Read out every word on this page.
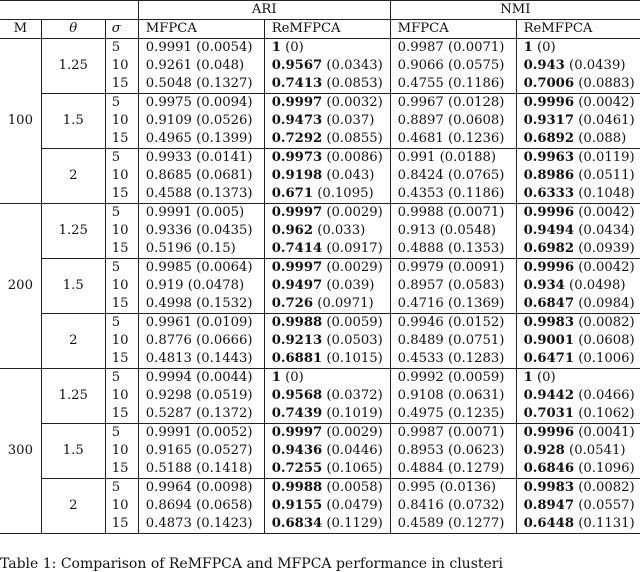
			ARI		NMI	
M	θ	σ	MFPCA	ReMFPCA	MFPCA	ReMFPCA
100	1.25	5	0.9991 (0.0054)	1 (0)	0.9987 (0.0071)	1 (0)
		10	0.9261 (0.048)	0.9567 (0.0343)	0.9066 (0.0575)	0.943 (0.0439)
		15	0.5048 (0.1327)	0.7413 (0.0853)	0.4755 (0.1186)	0.7006 (0.0883)
	1.5	5	0.9975 (0.0094)	0.9997 (0.0032)	0.9967 (0.0128)	0.9996 (0.0042)
		10	0.9109 (0.0526)	0.9473 (0.037)	0.8897 (0.0608)	0.9317 (0.0461)
		15	0.4965 (0.1399)	0.7292 (0.0855)	0.4681 (0.1236)	0.6892 (0.088)
	2	5	0.9933 (0.0141)	0.9973 (0.0086)	0.991 (0.0188)	0.9963 (0.0119)
		10	0.8685 (0.0681)	0.9198 (0.043)	0.8424 (0.0765)	0.8986 (0.0511)
		15	0.4588 (0.1373)	0.671 (0.1095)	0.4353 (0.1186)	0.6333 (0.1048)
200	1.25	5	0.9991 (0.005)	0.9997 (0.0029)	0.9988 (0.0071)	0.9996 (0.0042)
		10	0.9336 (0.0435)	0.962 (0.033)	0.913 (0.0548)	0.9494 (0.0434)
		15	0.5196 (0.15)	0.7414 (0.0917)	0.4888 (0.1353)	0.6982 (0.0939)
	1.5	5	0.9985 (0.0064)	0.9997 (0.0029)	0.9979 (0.0091)	0.9996 (0.0042)
		10	0.919 (0.0478)	0.9497 (0.039)	0.8957 (0.0583)	0.934 (0.0498)
		15	0.4998 (0.1532)	0.726 (0.0971)	0.4716 (0.1369)	0.6847 (0.0984)
	2	5	0.9961 (0.0109)	0.9988 (0.0059)	0.9946 (0.0152)	0.9983 (0.0082)
		10	0.8776 (0.0666)	0.9213 (0.0503)	0.8489 (0.0751)	0.9001 (0.0608)
		15	0.4813 (0.1443)	0.6881 (0.1015)	0.4533 (0.1283)	0.6471 (0.1006)
300	1.25	5	0.9994 (0.0044)	1 (0)	0.9992 (0.0059)	1 (0)
		10	0.9298 (0.0519)	0.9568 (0.0372)	0.9108 (0.0631)	0.9442 (0.0466)
		15	0.5287 (0.1372)	0.7439 (0.1019)	0.4975 (0.1235)	0.7031 (0.1062)
	1.5	5	0.9991 (0.0052)	0.9997 (0.0029)	0.9987 (0.0071)	0.9996 (0.0041)
		10	0.9165 (0.0527)	0.9436 (0.0446)	0.8953 (0.0623)	0.928 (0.0541)
		15	0.5188 (0.1418)	0.7255 (0.1065)	0.4884 (0.1279)	0.6846 (0.1096)
	2	5	0.9964 (0.0098)	0.9988 (0.0058)	0.995 (0.0136)	0.9983 (0.0082)
		10	0.8694 (0.0658)	0.9155 (0.0479)	0.8416 (0.0732)	0.8947 (0.0557)
		15	0.4873 (0.1423)	0.6834 (0.1129)	0.4589 (0.1277)	0.6448 (0.1131)
Table 1: Comparison of ReMFPCA and MFPCA performance in clusteri
